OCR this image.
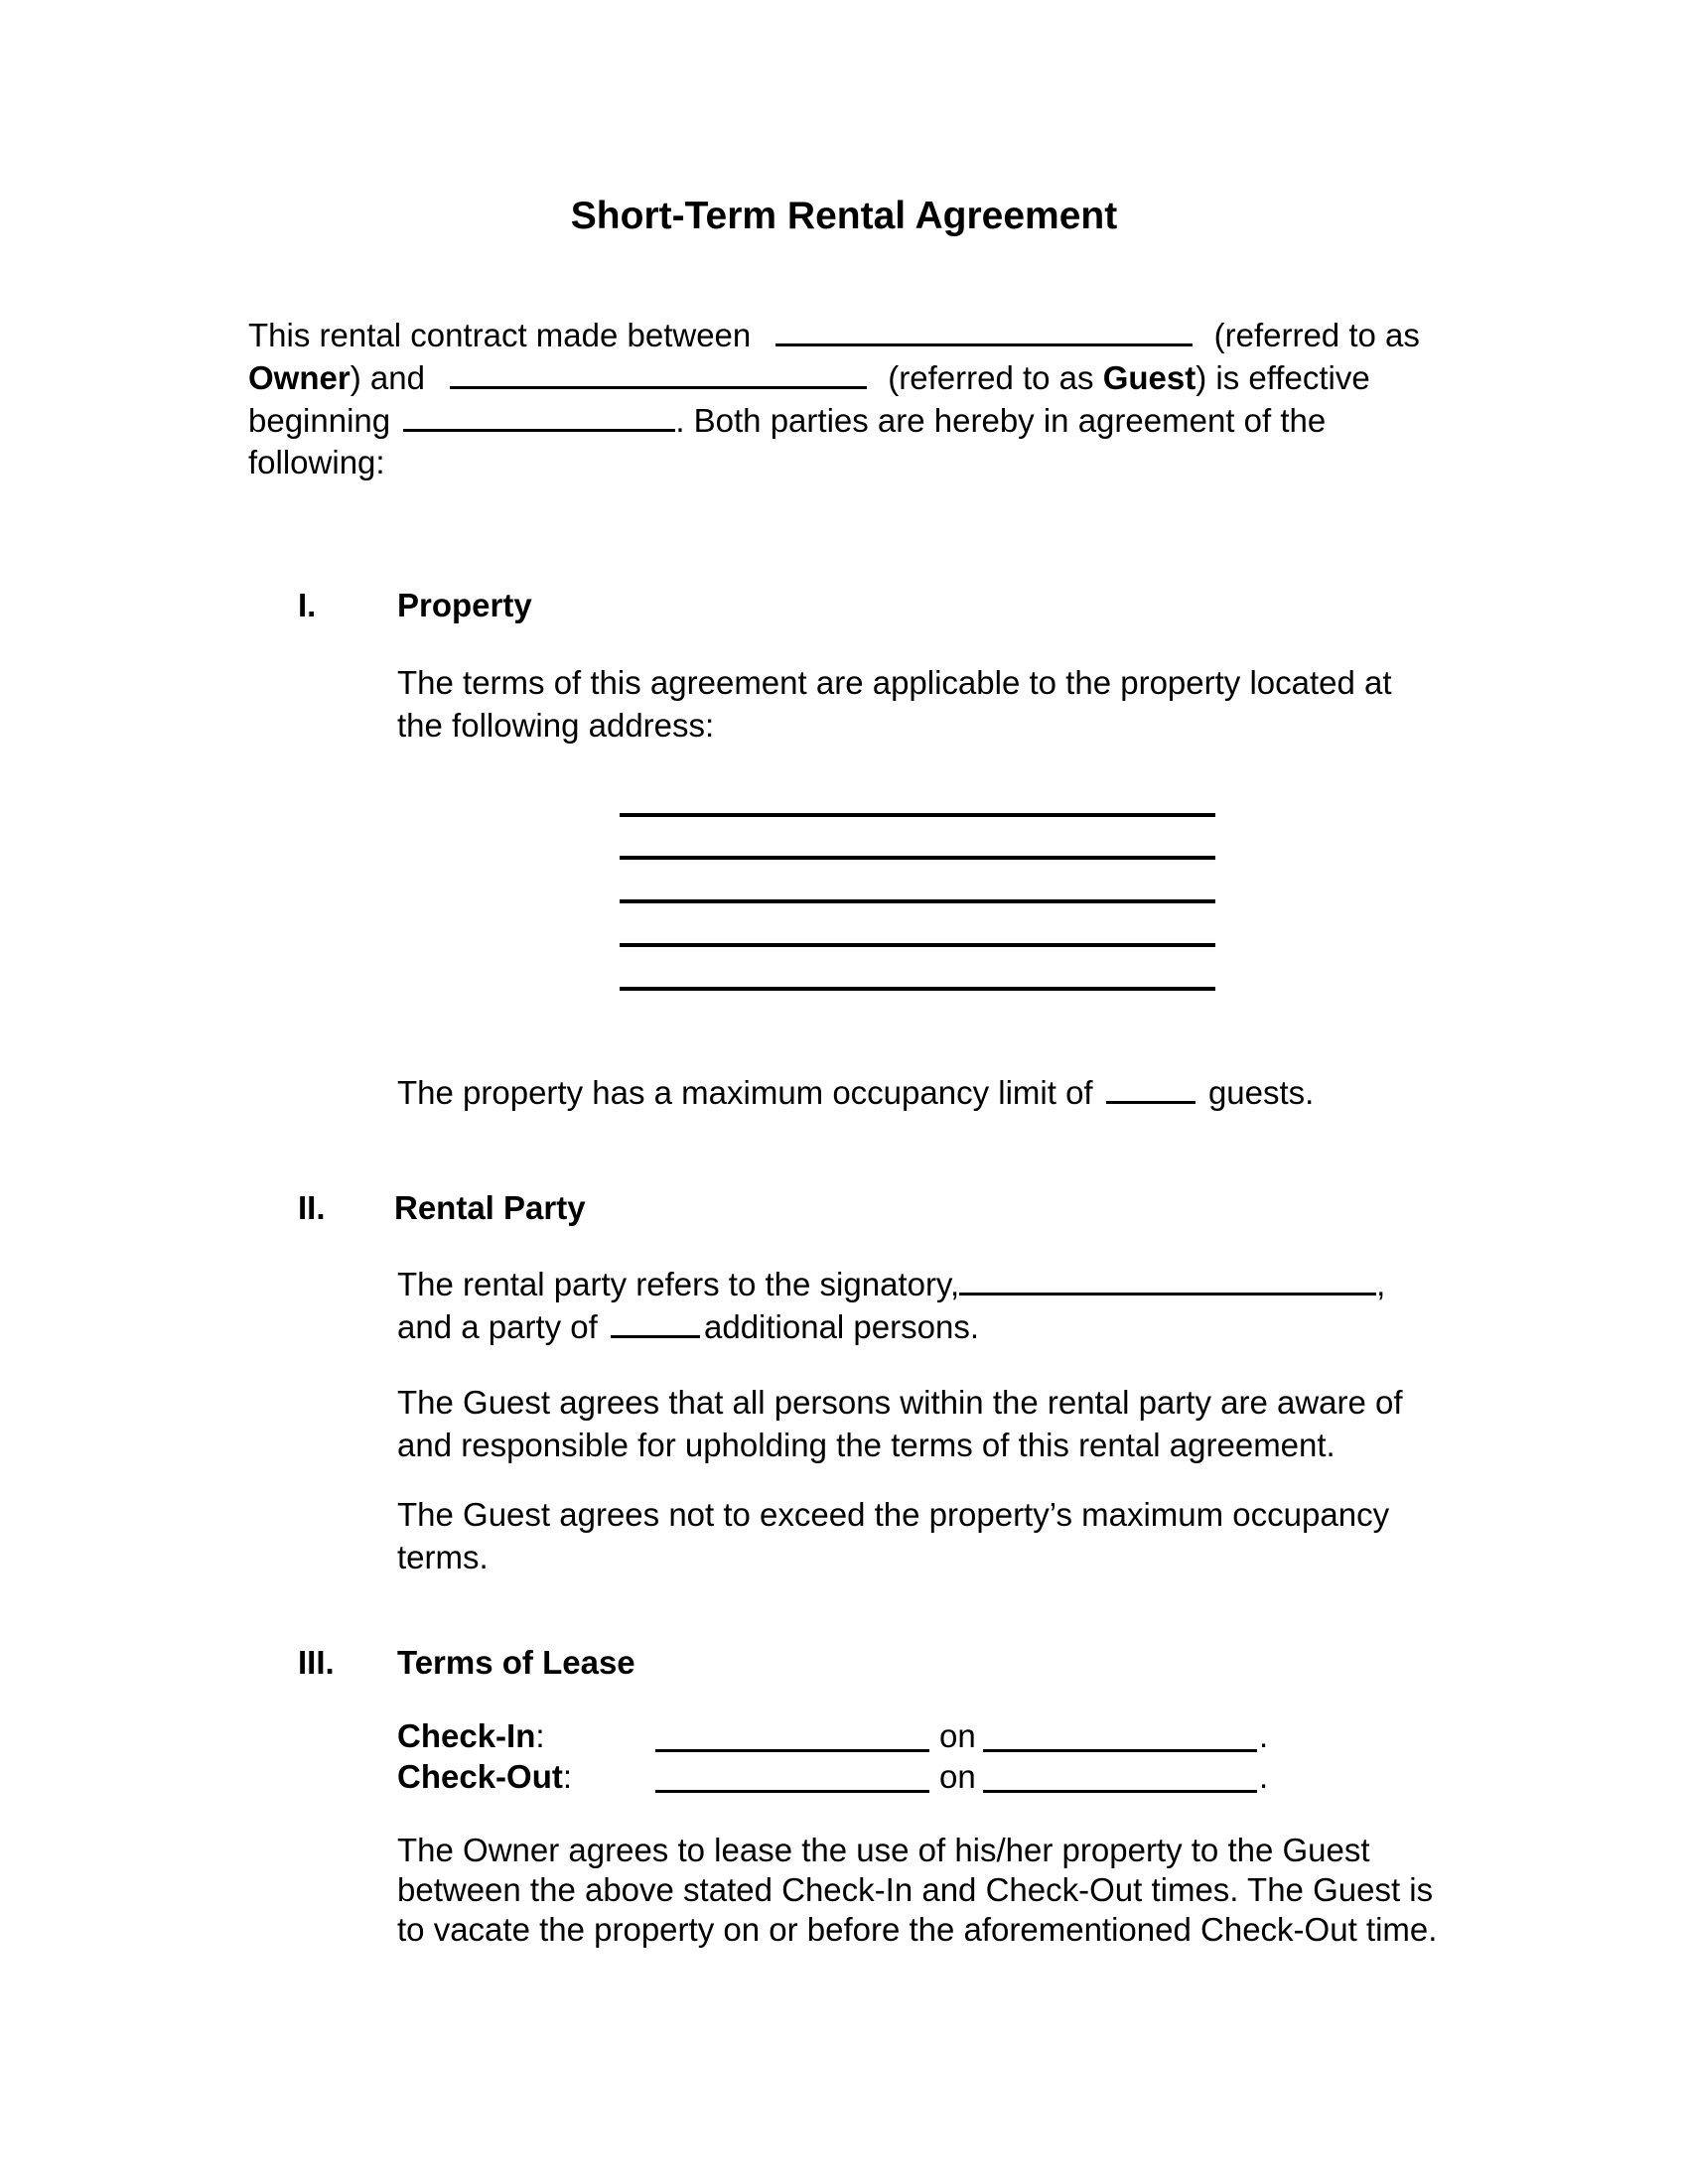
Short-Term Rental Agreement
This rental contract made between	(referred to as
Owner) and	(referred to as Guest) is effective
beginning	. Both parties are hereby in agreement of the
following:
I. Property
The terms of this agreement are applicable to the property located at the following address:
The property has a maximum occupancy limit of	guests.
II. Rental Party
The rental party refers to the signatory,	,
and a party of	additional persons.
The Guest agrees that all persons within the rental party are aware of and responsible for upholding the terms of this rental agreement.
The Guest agrees not to exceed the property’s maximum occupancy terms.
III. Terms of Lease
Check-In:	on	.
Check-Out:	on	.
The Owner agrees to lease the use of his/her property to the Guest between the above stated Check-In and Check-Out times. The Guest is to vacate the property on or before the aforementioned Check-Out time.
